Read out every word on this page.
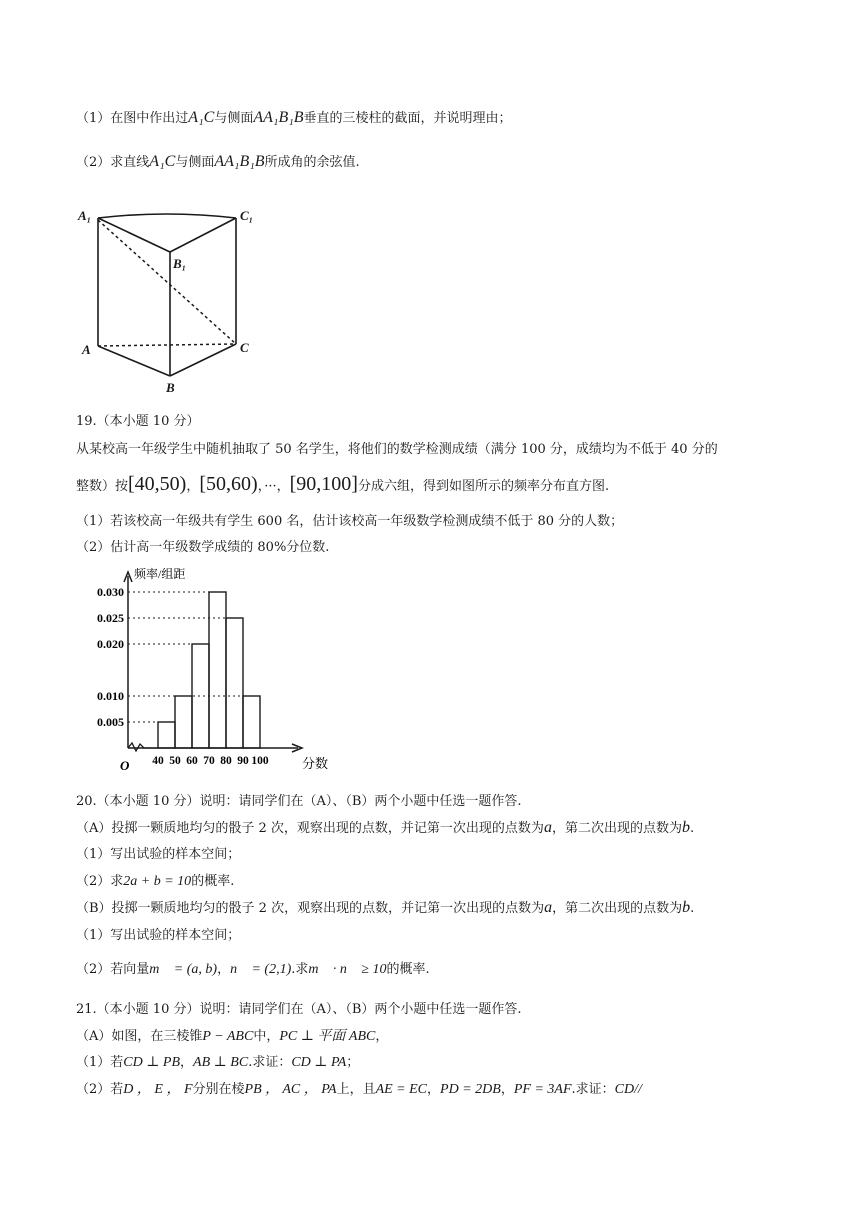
（1）在图中作出过A₁C与侧面AA₁B₁B垂直的三棱柱的截面，并说明理由；
（2）求直线A₁C与侧面AA₁B₁B所成角的余弦值.
A₁	C₁
B₁
A	C
B
19.（本小题 10 分）
从某校高一年级学生中随机抽取了 50 名学生，将他们的数学检测成绩（满分 100 分，成绩均为不低于 40 分的
整数）按[40,50)，[50,60)，···，[90,100]分成六组，得到如图所示的频率分布直方图.
（1）若该校高一年级共有学生 600 名，估计该校高一年级数学检测成绩不低于 80 分的人数；
（2）估计高一年级数学成绩的 80%分位数.
频率/组距
O	分数
0.005
0.010
0.020
0.025
0.030
40 50 60 70 80 90 100
20.（本小题 10 分）说明：请同学们在（A）、（B）两个小题中任选一题作答.
（A）投掷一颗质地均匀的骰子 2 次，观察出现的点数，并记第一次出现的点数为a，第二次出现的点数为b.
（1）写出试验的样本空间；
（2）求2a + b = 10的概率.
（B）投掷一颗质地均匀的骰子 2 次，观察出现的点数，并记第一次出现的点数为a，第二次出现的点数为b.
（1）写出试验的样本空间；
（2）若向量m⃗ = (a, b)，n⃗ = (2,1).求m⃗ · n⃗ ≥ 10的概率.
21.（本小题 10 分）说明：请同学们在（A）、（B）两个小题中任选一题作答.
（A）如图，在三棱锥P − ABC中，PC ⊥ 平面 ABC，
（1）若CD ⊥ PB，AB ⊥ BC.求证：CD ⊥ PA；
（2）若D ， E ， F分别在棱PB ， AC ， PA上，且AE = EC，PD = 2DB，PF = 3AF.求证：CD//
